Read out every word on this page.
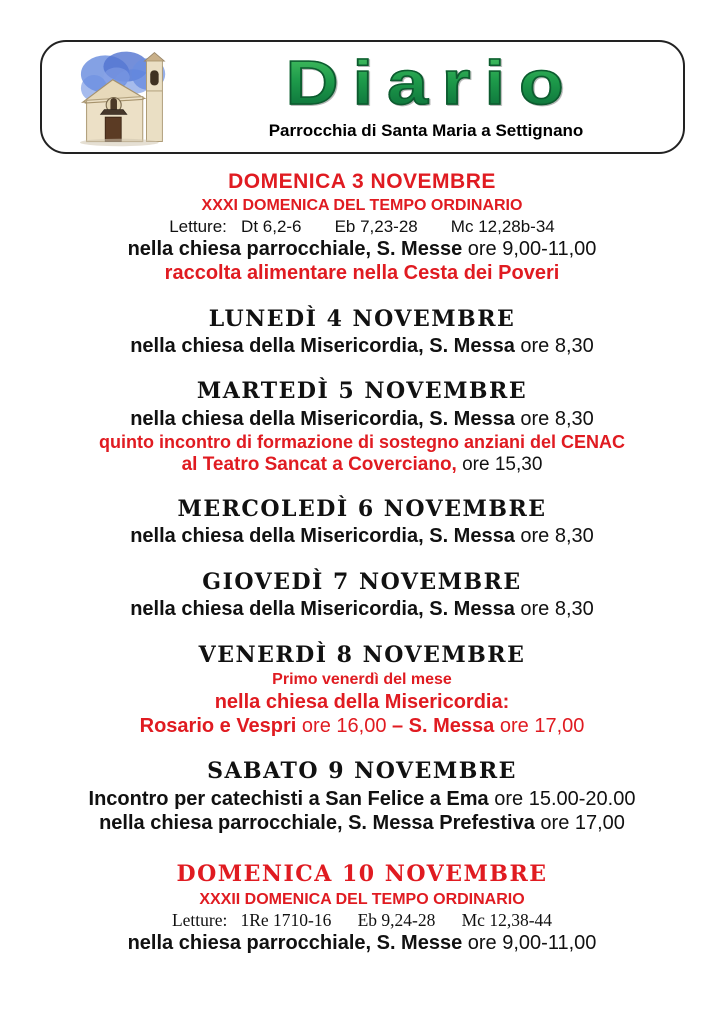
Diario
Parrocchia di Santa Maria a Settignano
DOMENICA 3 NOVEMBRE
XXXI DOMENICA DEL TEMPO ORDINARIO
Letture:   Dt 6,2-6       Eb 7,23-28       Mc 12,28b-34
nella chiesa parrocchiale, S. Messe ore 9,00-11,00
raccolta alimentare nella Cesta dei Poveri
LUNEDÌ 4 NOVEMBRE
nella chiesa della Misericordia, S. Messa ore 8,30
MARTEDÌ 5 NOVEMBRE
nella chiesa della Misericordia, S. Messa ore 8,30
quinto incontro di formazione di sostegno anziani del CENAC
al Teatro Sancat a Coverciano, ore 15,30
MERCOLEDÌ 6 NOVEMBRE
nella chiesa della Misericordia, S. Messa ore 8,30
GIOVEDÌ 7 NOVEMBRE
nella chiesa della Misericordia, S. Messa ore 8,30
VENERDÌ 8 NOVEMBRE
Primo venerdì del mese
nella chiesa della Misericordia:
Rosario e Vespri ore 16,00 – S. Messa ore 17,00
SABATO 9 NOVEMBRE
Incontro per catechisti a San Felice a Ema ore 15.00-20.00
nella chiesa parrocchiale, S. Messa Prefestiva ore 17,00
DOMENICA 10 NOVEMBRE
XXXII DOMENICA DEL TEMPO ORDINARIO
Letture:   1Re 1710-16      Eb 9,24-28      Mc 12,38-44
nella chiesa parrocchiale, S. Messe ore 9,00-11,00
